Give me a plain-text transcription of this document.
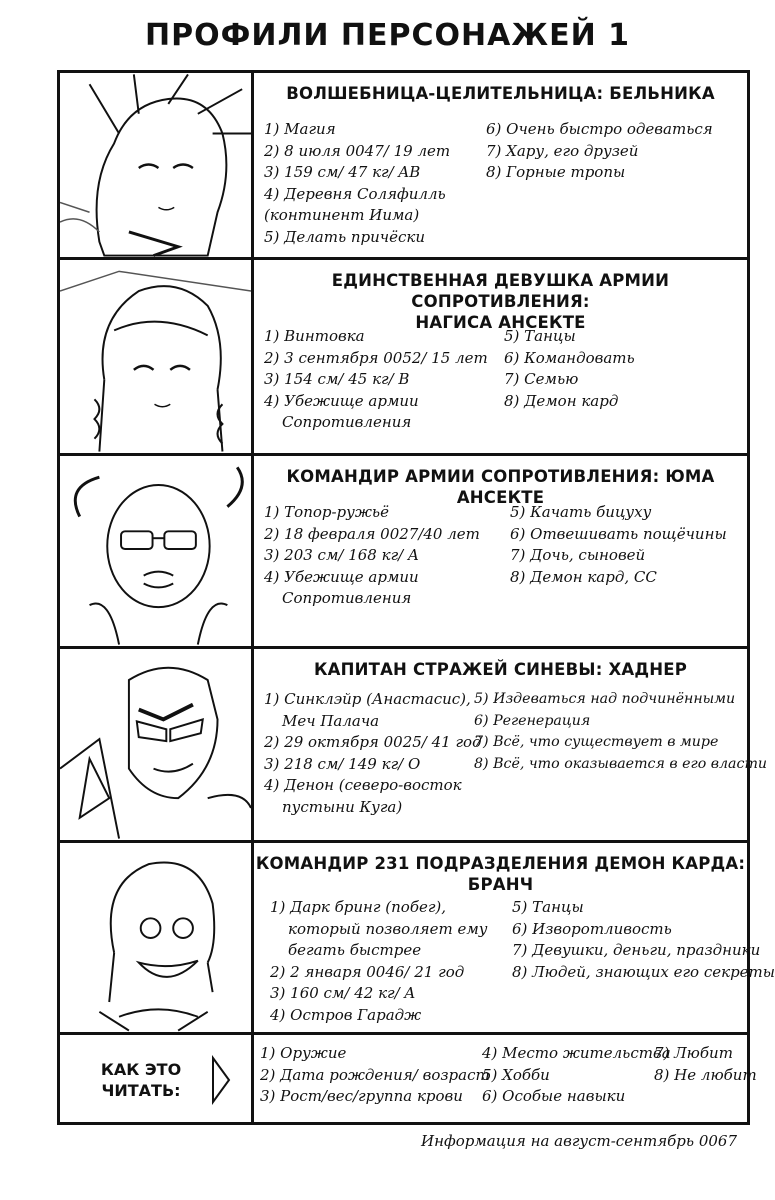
ПРОФИЛИ ПЕРСОНАЖЕЙ 1
ВОЛШЕБНИЦА-ЦЕЛИТЕЛЬНИЦА: БЕЛЬНИКА
1) Магия
2) 8 июля 0047/ 19 лет
3) 159 см/ 47 кг/ AB
4) Деревня Соляфилль
(континент Иима)
5) Делать причёски
6) Очень быстро одеваться
7) Хару, его друзей
8) Горные тропы
ЕДИНСТВЕННАЯ ДЕВУШКА АРМИИ СОПРОТИВЛЕНИЯ:
НАГИСА АНСЕКТЕ
1) Винтовка
2) 3 сентября 0052/ 15 лет
3) 154 см/ 45 кг/ B
4) Убежище армии
Сопротивления
5) Танцы
6) Командовать
7) Семью
8) Демон кард
КОМАНДИР АРМИИ СОПРОТИВЛЕНИЯ: ЮМА АНСЕКТЕ
1) Топор-ружьё
2) 18 февраля 0027/40 лет
3) 203 см/ 168 кг/ A
4) Убежище армии
Сопротивления
5) Качать бицуху
6) Отвешивать пощёчины
7) Дочь, сыновей
8) Демон кард, СС
КАПИТАН СТРАЖЕЙ СИНЕВЫ: ХАДНЕР
1) Синклэйр (Анастасис),
Меч Палача
2) 29 октября 0025/ 41 год
3) 218 см/ 149 кг/ O
4) Денон (северо-восток
пустыни Куга)
5) Издеваться над подчинёнными
6) Регенерация
7) Всё, что существует в мире
8) Всё, что оказывается в его власти
КОМАНДИР 231 ПОДРАЗДЕЛЕНИЯ ДЕМОН КАРДА:
БРАНЧ
1) Дарк бринг (побег),
который позволяет ему
бегать быстрее
2) 2 января 0046/ 21 год
3) 160 см/ 42 кг/ A
4) Остров Гарадж
5) Танцы
6) Изворотливость
7) Девушки, деньги, праздники
8) Людей, знающих его секреты
КАК ЭТО
ЧИТАТЬ:
1) Оружие
2) Дата рождения/ возраст
3) Рост/вес/группа крови
4) Место жительства
5) Хобби
6) Особые навыки
7) Любит
8) Не любит
Информация на август-сентябрь 0067
